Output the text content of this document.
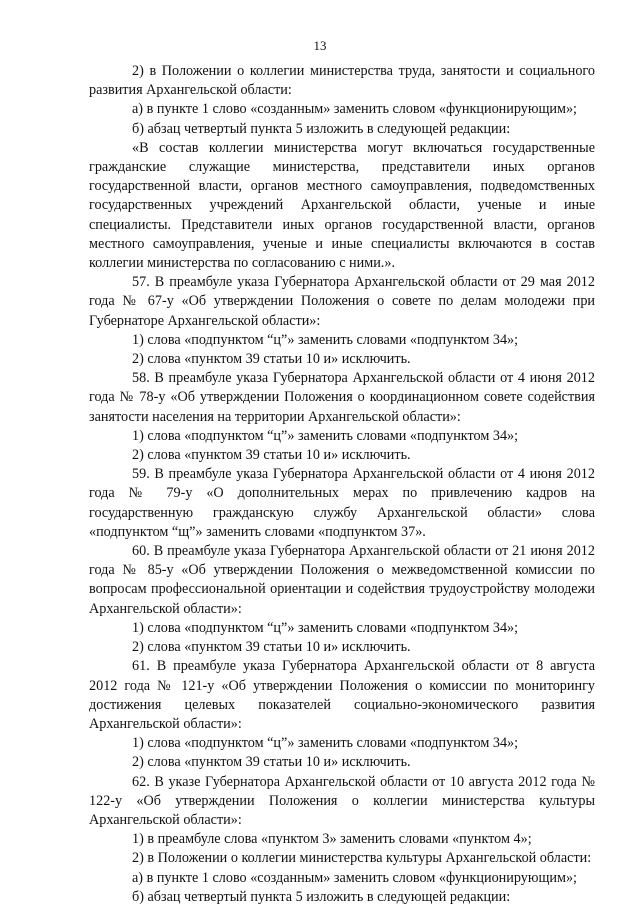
13

2) в Положении о коллегии министерства труда, занятости и социального развития Архангельской области:

а) в пункте 1 слово «созданным» заменить словом «функционирующим»;

б) абзац четвертый пункта 5 изложить в следующей редакции:

«В состав коллегии министерства могут включаться государственные гражданские служащие министерства, представители иных органов государственной власти, органов местного самоуправления, подведомственных государственных учреждений Архангельской области, ученые и иные специалисты. Представители иных органов государственной власти, органов местного самоуправления, ученые и иные специалисты включаются в состав коллегии министерства по согласованию с ними.».

57. В преамбуле указа Губернатора Архангельской области от 29 мая 2012 года № 67-у «Об утверждении Положения о совете по делам молодежи при Губернаторе Архангельской области»:

1) слова «подпунктом “ц”» заменить словами «подпунктом 34»;

2) слова «пунктом 39 статьи 10 и» исключить.

58. В преамбуле указа Губернатора Архангельской области от 4 июня 2012 года № 78-у «Об утверждении Положения о координационном совете содействия занятости населения на территории Архангельской области»:

1) слова «подпунктом “ц”» заменить словами «подпунктом 34»;

2) слова «пунктом 39 статьи 10 и» исключить.

59. В преамбуле указа Губернатора Архангельской области от 4 июня 2012 года № 79-у «О дополнительных мерах по привлечению кадров на государственную гражданскую службу Архангельской области» слова «подпунктом “щ”» заменить словами «подпунктом 37».

60. В преамбуле указа Губернатора Архангельской области от 21 июня 2012 года № 85-у «Об утверждении Положения о межведомственной комиссии по вопросам профессиональной ориентации и содействия трудоустройству молодежи Архангельской области»:

1) слова «подпунктом “ц”» заменить словами «подпунктом 34»;

2) слова «пунктом 39 статьи 10 и» исключить.

61. В преамбуле указа Губернатора Архангельской области от 8 августа 2012 года № 121-у «Об утверждении Положения о комиссии по мониторингу достижения целевых показателей социально-экономического развития Архангельской области»:

1) слова «подпунктом “ц”» заменить словами «подпунктом 34»;

2) слова «пунктом 39 статьи 10 и» исключить.

62. В указе Губернатора Архангельской области от 10 августа 2012 года № 122-у «Об утверждении Положения о коллегии министерства культуры Архангельской области»:

1) в преамбуле слова «пунктом 3» заменить словами «пунктом 4»;

2) в Положении о коллегии министерства культуры Архангельской области:

а) в пункте 1 слово «созданным» заменить словом «функционирующим»;

б) абзац четвертый пункта 5 изложить в следующей редакции:
